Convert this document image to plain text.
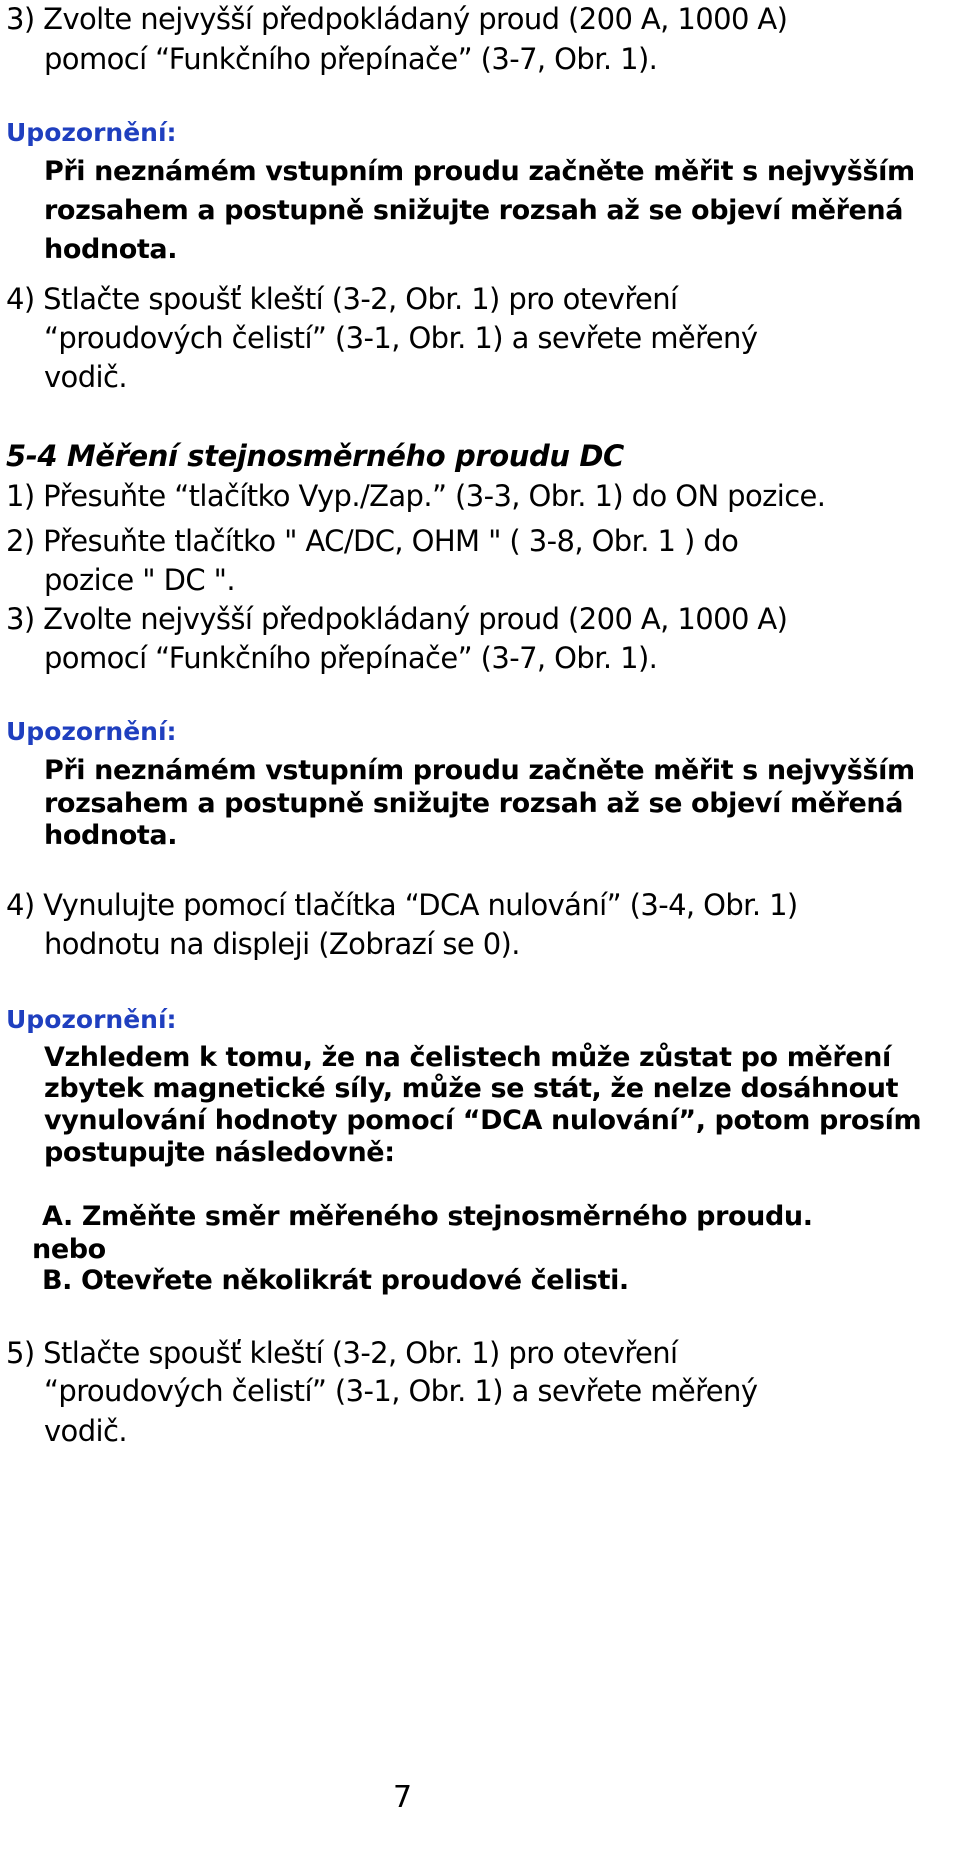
3) Zvolte nejvyšší předpokládaný proud (200 A, 1000 A)

pomocí “Funkčního přepínače” (3-7, Obr. 1).

Upozornění:

Při neznámém vstupním proudu začněte měřit s nejvyšším

rozsahem a postupně snižujte rozsah až se objeví měřená

hodnota.

4) Stlačte spoušť kleští (3-2, Obr. 1) pro otevření

“proudových čelistí” (3-1, Obr. 1) a sevřete měřený

vodič.

5-4 Měření stejnosměrného proudu DC

1) Přesuňte “tlačítko Vyp./Zap.” (3-3, Obr. 1) do ON pozice.

2) Přesuňte tlačítko " AC/DC, OHM " ( 3-8, Obr. 1 ) do

pozice " DC ".

3) Zvolte nejvyšší předpokládaný proud (200 A, 1000 A)

pomocí “Funkčního přepínače” (3-7, Obr. 1).

Upozornění:

Při neznámém vstupním proudu začněte měřit s nejvyšším

rozsahem a postupně snižujte rozsah až se objeví měřená

hodnota.

4) Vynulujte pomocí tlačítka “DCA nulování” (3-4, Obr. 1)

hodnotu na displeji (Zobrazí se 0).

Upozornění:

Vzhledem k tomu, že na čelistech může zůstat po měření

zbytek magnetické síly, může se stát, že nelze dosáhnout

vynulování hodnoty pomocí “DCA nulování”, potom prosím

postupujte následovně:

A. Změňte směr měřeného stejnosměrného proudu.

nebo

B. Otevřete několikrát proudové čelisti.

5) Stlačte spoušť kleští (3-2, Obr. 1) pro otevření

“proudových čelistí” (3-1, Obr. 1) a sevřete měřený

vodič.

7
